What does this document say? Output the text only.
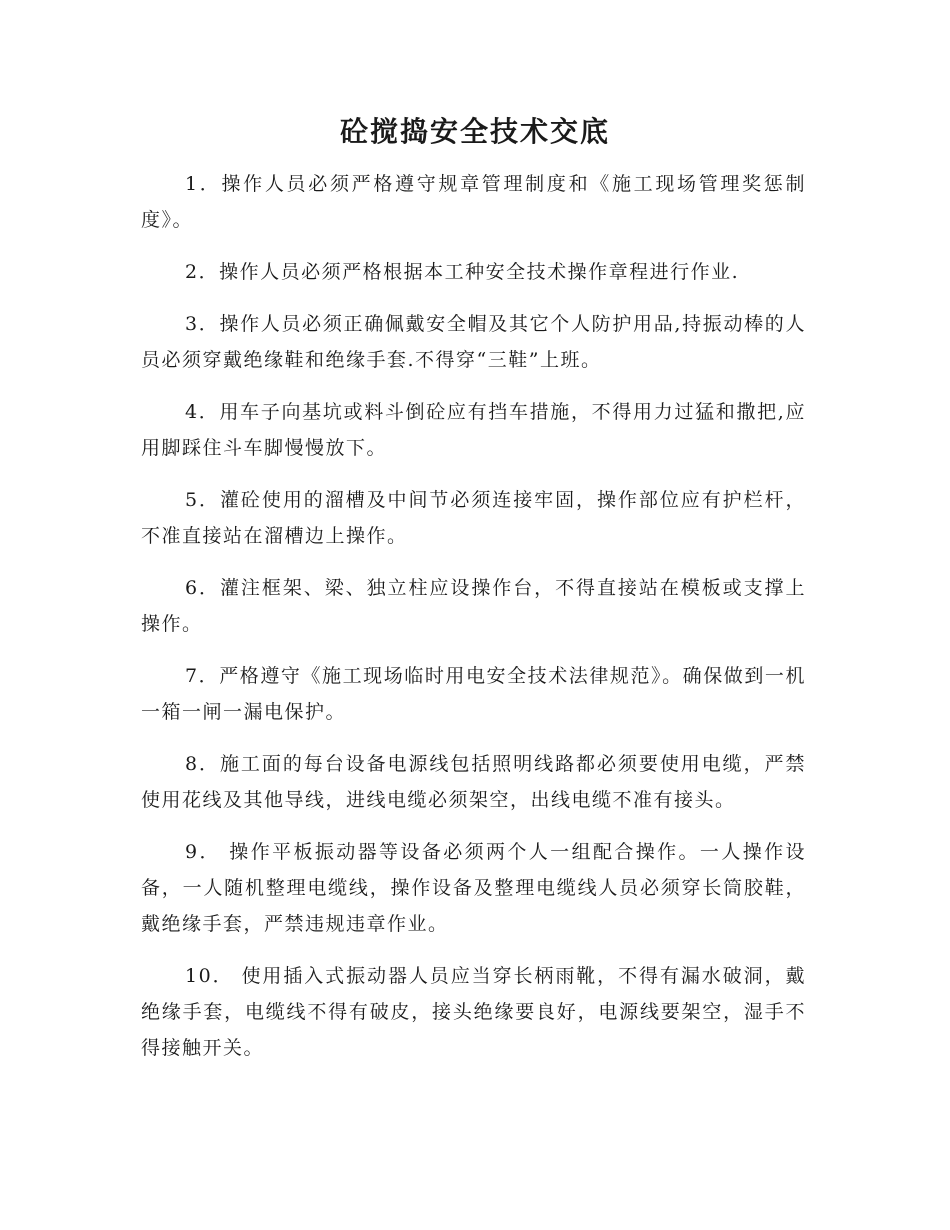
砼搅捣安全技术交底

1．操作人员必须严格遵守规章管理制度和《施工现场管理奖惩制度》。

2．操作人员必须严格根据本工种安全技术操作章程进行作业.

3．操作人员必须正确佩戴安全帽及其它个人防护用品,持振动棒的人员必须穿戴绝缘鞋和绝缘手套.不得穿“三鞋”上班。

4．用车子向基坑或料斗倒砼应有挡车措施，不得用力过猛和撒把,应用脚踩住斗车脚慢慢放下。

5．灌砼使用的溜槽及中间节必须连接牢固，操作部位应有护栏杆，不准直接站在溜槽边上操作。

6．灌注框架、梁、独立柱应设操作台，不得直接站在模板或支撑上操作。

7．严格遵守《施工现场临时用电安全技术法律规范》。确保做到一机一箱一闸一漏电保护。

8．施工面的每台设备电源线包括照明线路都必须要使用电缆，严禁使用花线及其他导线，进线电缆必须架空，出线电缆不准有接头。

9． 操作平板振动器等设备必须两个人一组配合操作。一人操作设备，一人随机整理电缆线，操作设备及整理电缆线人员必须穿长筒胶鞋，戴绝缘手套，严禁违规违章作业。

10． 使用插入式振动器人员应当穿长柄雨靴，不得有漏水破洞，戴绝缘手套，电缆线不得有破皮，接头绝缘要良好，电源线要架空，湿手不得接触开关。
